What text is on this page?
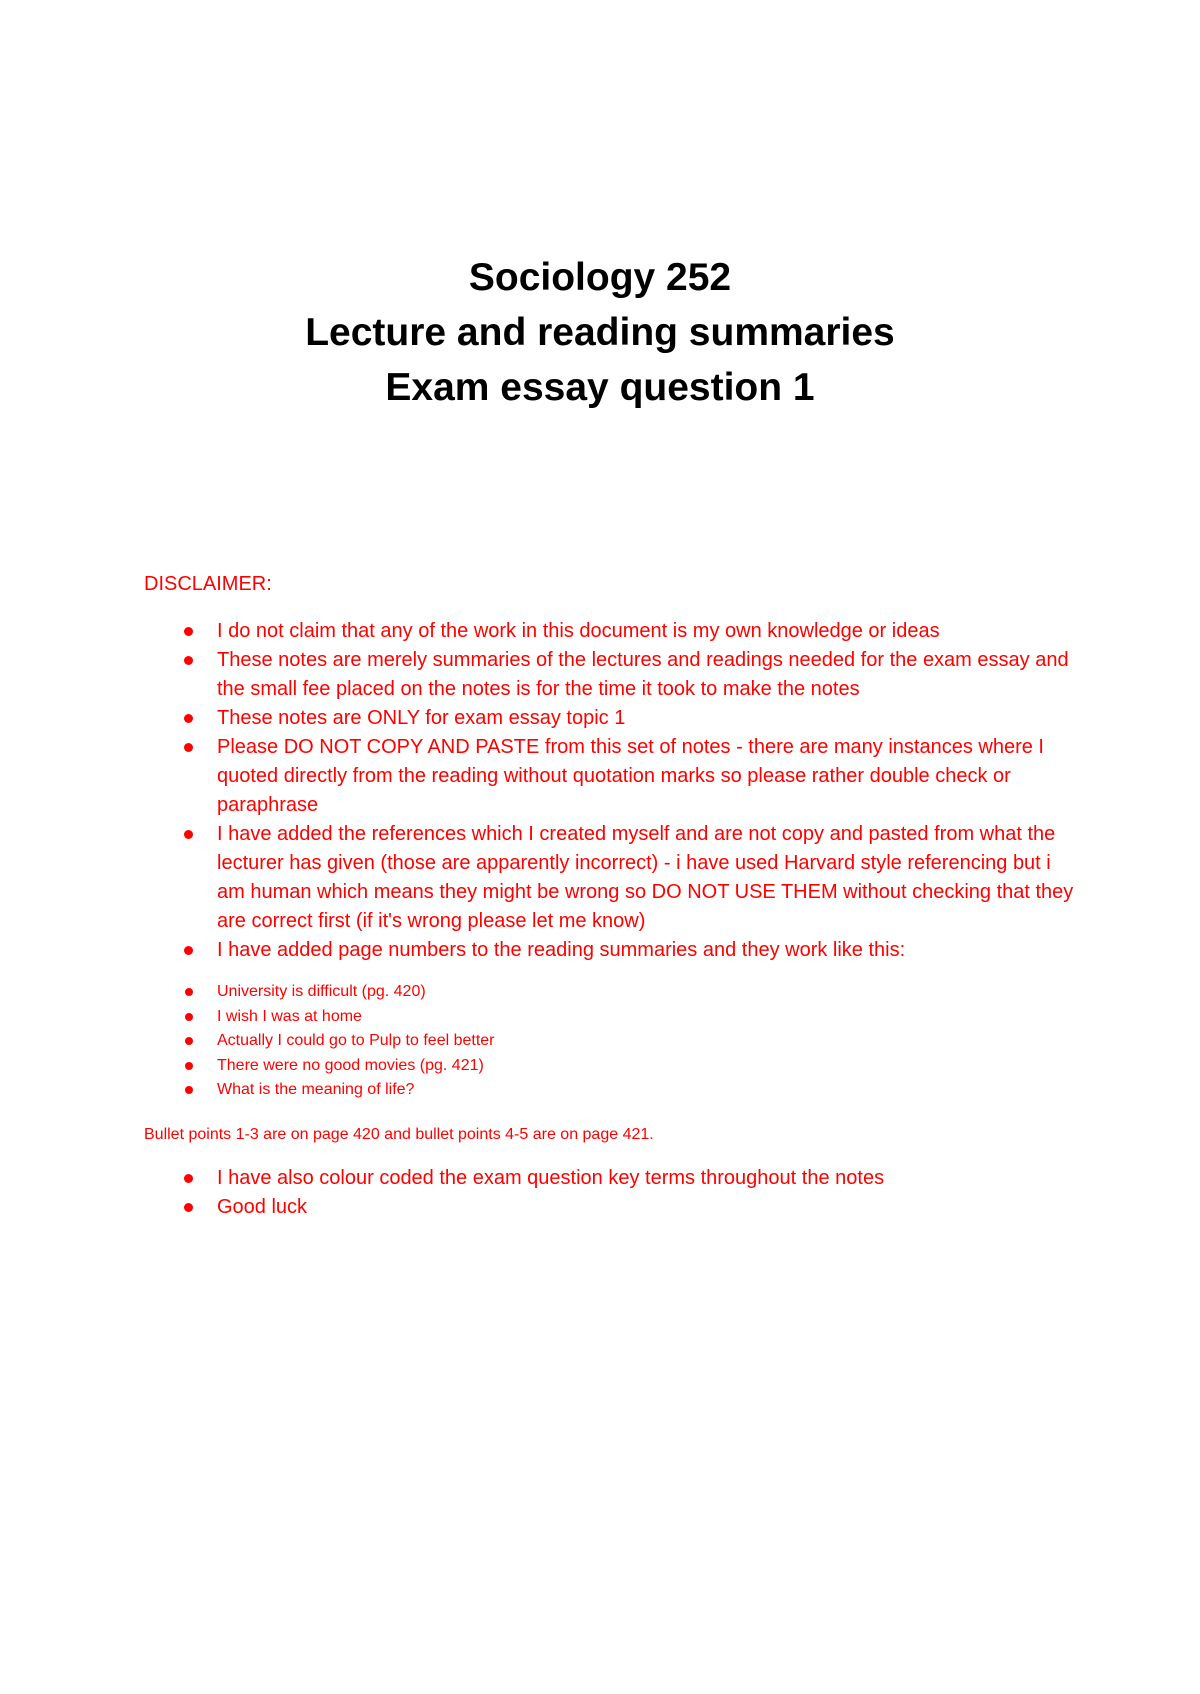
Sociology 252
Lecture and reading summaries
Exam essay question 1
DISCLAIMER:
I do not claim that any of the work in this document is my own knowledge or ideas
These notes are merely summaries of the lectures and readings needed for the exam essay and the small fee placed on the notes is for the time it took to make the notes
These notes are ONLY for exam essay topic 1
Please DO NOT COPY AND PASTE from this set of notes - there are many instances where I quoted directly from the reading without quotation marks so please rather double check or paraphrase
I have added the references which I created myself and are not copy and pasted from what the lecturer has given (those are apparently incorrect) - i have used Harvard style referencing but i am human which means they might be wrong so DO NOT USE THEM without checking that they are correct first (if it's wrong please let me know)
I have added page numbers to the reading summaries and they work like this:
University is difficult (pg. 420)
I wish I was at home
Actually I could go to Pulp to feel better
There were no good movies (pg. 421)
What is the meaning of life?
Bullet points 1-3 are on page 420 and bullet points 4-5 are on page 421.
I have also colour coded the exam question key terms throughout the notes
Good luck
